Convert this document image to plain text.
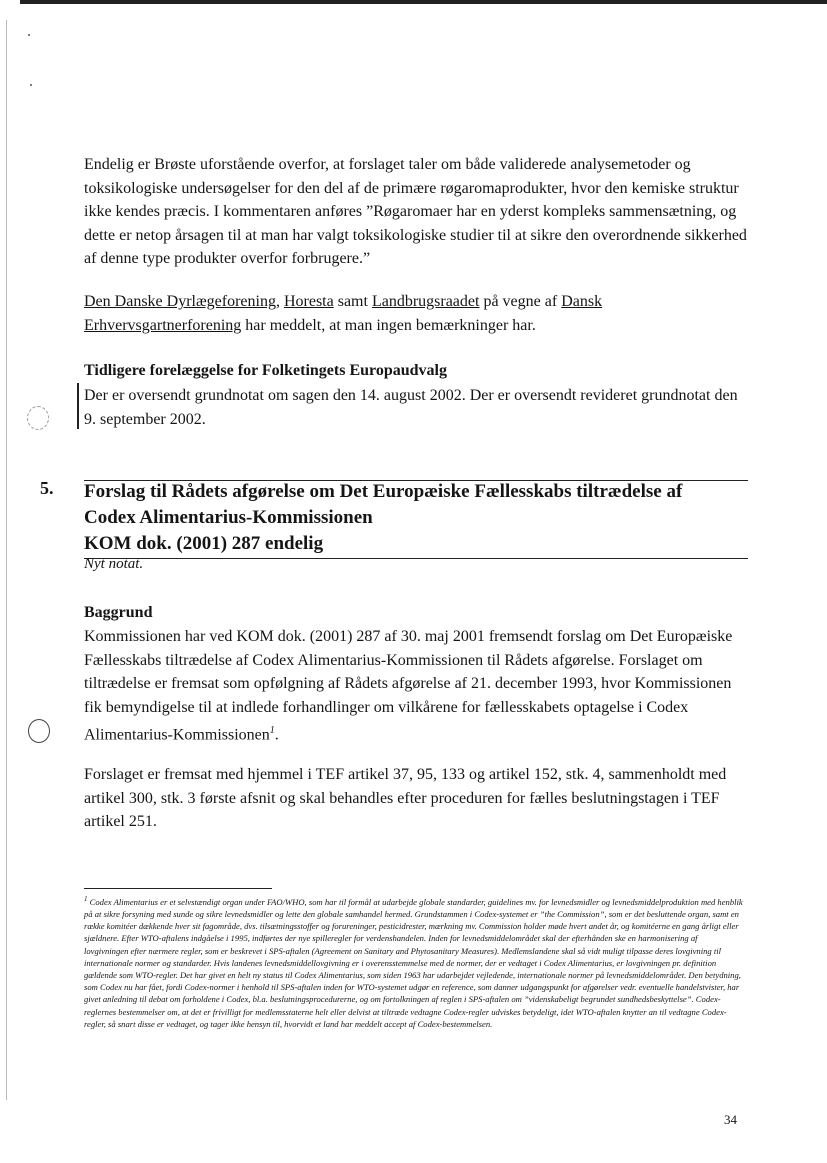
Endelig er Brøste uforstående overfor, at forslaget taler om både validerede analysemetoder og toksikologiske undersøgelser for den del af de primære røgaromaprodukter, hvor den kemiske struktur ikke kendes præcis. I kommentaren anføres ”Røgaromaer har en yderst kompleks sammensætning, og dette er netop årsagen til at man har valgt toksikologiske studier til at sikre den overordnende sikkerhed af denne type produkter overfor forbrugere.”

Den Danske Dyrlægeforening, Horesta samt Landbrugsraadet på vegne af Dansk Erhvervsgartnerforening har meddelt, at man ingen bemærkninger har.

Tidligere forelæggelse for Folketingets Europaudvalg

Der er oversendt grundnotat om sagen den 14. august 2002. Der er oversendt revideret grundnotat den 9. september 2002.

5. Forslag til Rådets afgørelse om Det Europæiske Fællesskabs tiltrædelse af
Codex Alimentarius-Kommissionen
KOM dok. (2001) 287 endelig
Nyt notat.
Baggrund

Kommissionen har ved KOM dok. (2001) 287 af 30. maj 2001 fremsendt forslag om Det Europæiske Fællesskabs tiltrædelse af Codex Alimentarius-Kommissionen til Rådets afgørelse. Forslaget om tiltrædelse er fremsat som opfølgning af Rådets afgørelse af 21. december 1993, hvor Kommissionen fik bemyndigelse til at indlede forhandlinger om vilkårene for fællesskabets optagelse i Codex Alimentarius-Kommissionen$^1$.

Forslaget er fremsat med hjemmel i TEF artikel 37, 95, 133 og artikel 152, stk. 4, sammenholdt med artikel 300, stk. 3 første afsnit og skal behandles efter proceduren for fælles beslutningstagen i TEF artikel 251.

$^1$ Codex Alimentarius er et selvstændigt organ under FAO/WHO, som har til formål at udarbejde globale standarder, guidelines mv. for levnedsmidler og levnedsmiddelproduktion med henblik på at sikre forsyning med sunde og sikre levnedsmidler og lette den globale samhandel hermed. Grundstammen i Codex-systemet er ”the Commission”, som er det besluttende organ, samt en række komitéer dækkende hver sit fagområde, dvs. tilsætningsstoffer og forureninger, pesticidrester, mærkning mv. Commission holder møde hvert andet år, og komitéerne en gang årligt eller sjældnere. Efter WTO-aftalens indgåelse i 1995, indførtes der nye spilleregler for verdenshandelen. Inden for levnedsmiddelområdet skal der efterhånden ske en harmonisering af lovgivningen efter nærmere regler, som er beskrevet i SPS-aftalen (Agreement on Sanitary and Phytosanitary Measures). Medlemslandene skal så vidt muligt tilpasse deres lovgivning til internationale normer og standarder. Hvis landenes levnedsmiddellovgivning er i overensstemmelse med de normer, der er vedtaget i Codex Alimentarius, er lovgivningen pr. definition gældende som WTO-regler. Det har givet en helt ny status til Codex Alimentarius, som siden 1963 har udarbejdet vejledende, internationale normer på levnedsmiddelområdet. Den betydning, som Codex nu har fået, fordi Codex-normer i henhold til SPS-aftalen inden for WTO-systemet udgør en reference, som danner udgangspunkt for afgørelser vedr. eventuelle handelstvister, har givet anledning til debat om forholdene i Codex, bl.a. beslutningsprocedurerne, og om fortolkningen af reglen i SPS-aftalen om ”videnskabeligt begrundet sundhedsbeskyttelse”. Codex-reglernes bestemmelser om, at det er frivilligt for medlemsstaterne helt eller delvist at tiltræde vedtagne Codex-regler udviskes betydeligt, idet WTO-aftalen knytter an til vedtagne Codex-regler, så snart disse er vedtaget, og tager ikke hensyn til, hvorvidt et land har meddelt accept af Codex-bestemmelsen.

34
